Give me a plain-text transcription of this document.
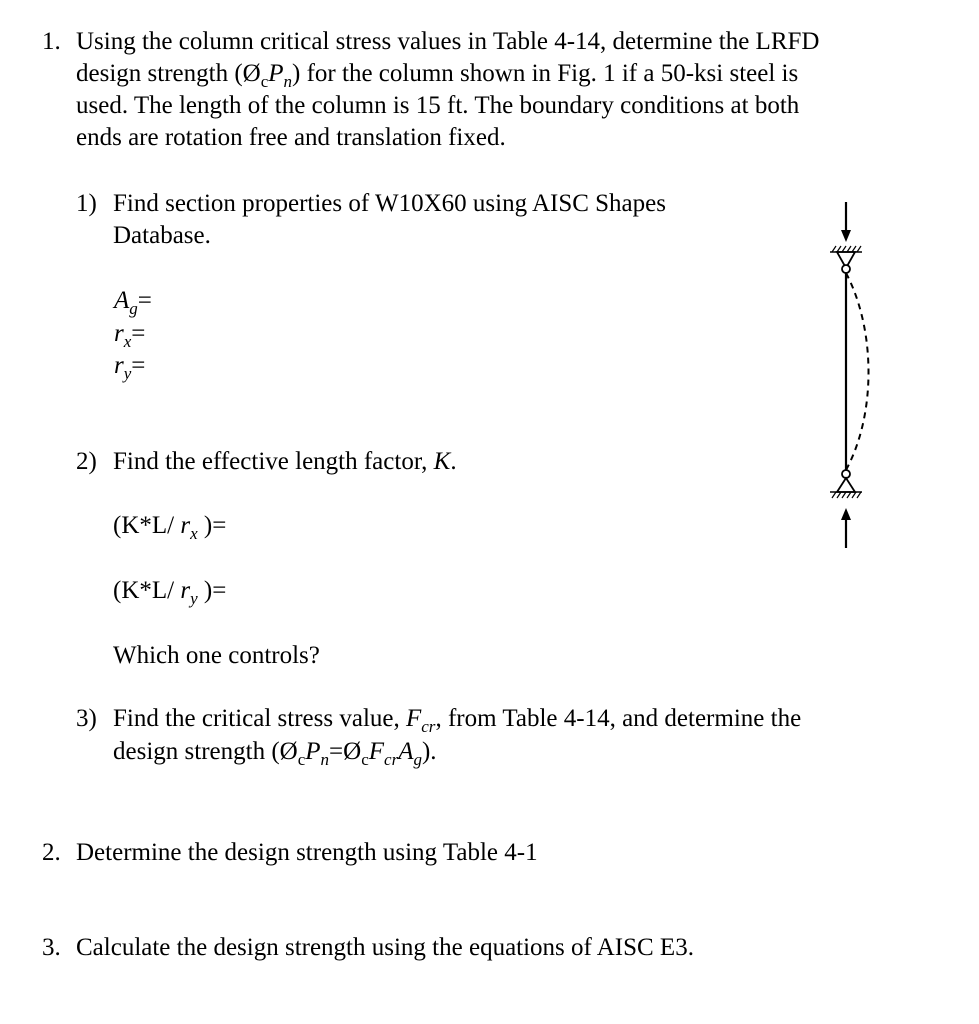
1. Using the column critical stress values in Table 4-14, determine the LRFD
design strength $(Ø_cP_n)$ for the column shown in Fig. 1 if a 50-ksi steel is
used. The length of the column is 15 ft. The boundary conditions at both
ends are rotation free and translation fixed.
1) Find section properties of W10X60 using AISC Shapes
Database.
$A_g=$
$r_x=$
$r_y=$
2) Find the effective length factor, K.
(K*L/ $r_x$ )=
(K*L/ $r_y$ )=
Which one controls?
3) Find the critical stress value, $F_{cr}$, from Table 4-14, and determine the
design strength $(Ø_cP_n=Ø_cF_{cr}A_g)$.
2. Determine the design strength using Table 4-1
3. Calculate the design strength using the equations of AISC E3.
